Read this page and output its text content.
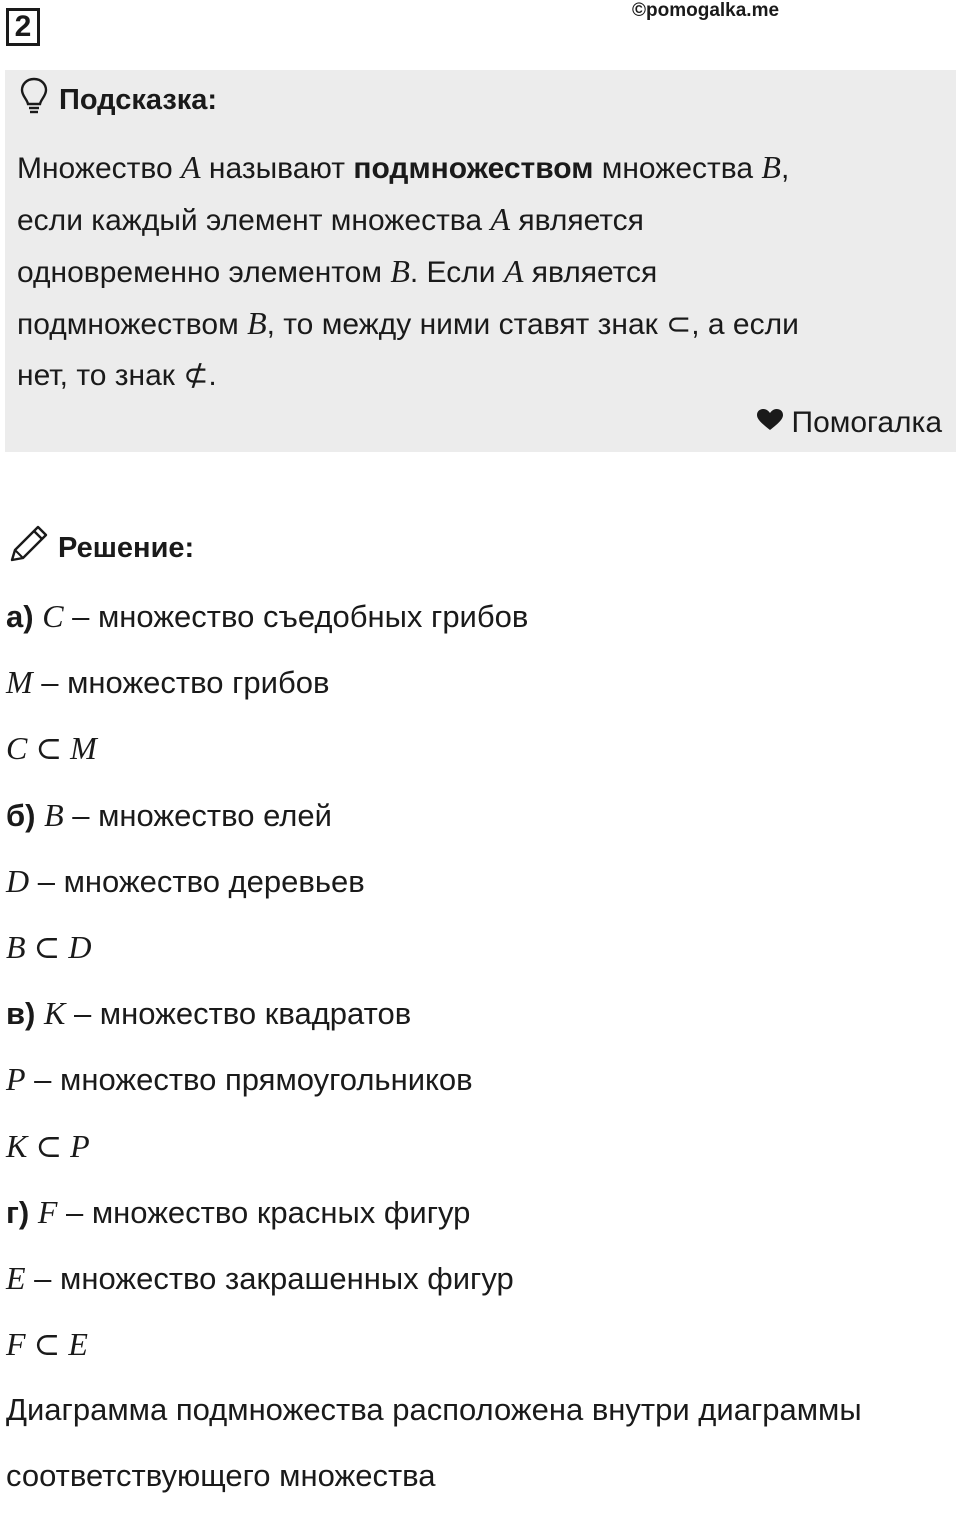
2	©pomogalka.me
Подсказка:
Множество A называют подмножеством множества B,
если каждый элемент множества A является
одновременно элементом B. Если A является
подмножеством B, то между ними ставят знак ⊂, а если
нет, то знак ⊄.
Помогалка
Решение:
а) C – множество съедобных грибов
M – множество грибов
C ⊂ M
б) B – множество елей
D – множество деревьев
B ⊂ D
в) K – множество квадратов
P – множество прямоугольников
K ⊂ P
г) F – множество красных фигур
E – множество закрашенных фигур
F ⊂ E
Диаграмма подмножества расположена внутри диаграммы
соответствующего множества
